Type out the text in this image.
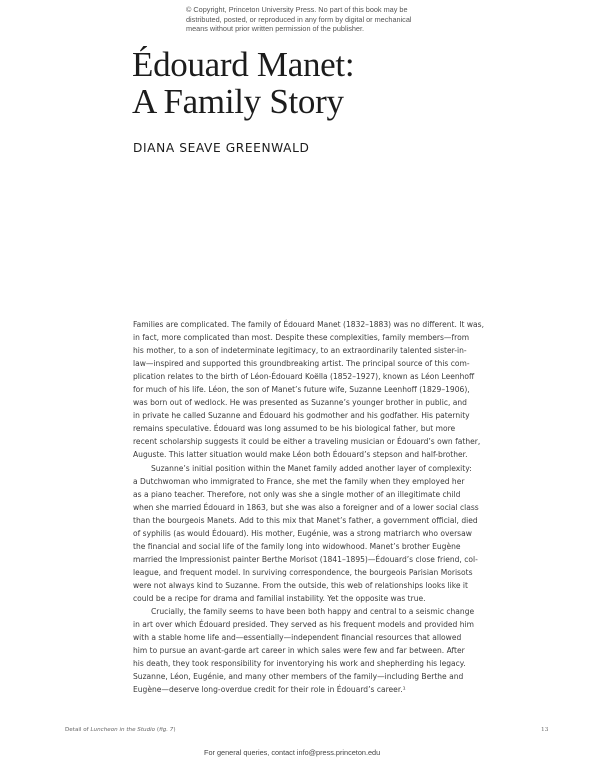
© Copyright, Princeton University Press. No part of this book may be
distributed, posted, or reproduced in any form by digital or mechanical
means without prior written permission of the publisher.
Édouard Manet:
A Family Story
DIANA SEAVE GREENWALD
Families are complicated. The family of Édouard Manet (1832–1883) was no different. It was,
in fact, more complicated than most. Despite these complexities, family members—from
his mother, to a son of indeterminate legitimacy, to an extraordinarily talented sister-in-
law—inspired and supported this groundbreaking artist. The principal source of this com-
plication relates to the birth of Léon-Édouard Koëlla (1852–1927), known as Léon Leenhoff
for much of his life. Léon, the son of Manet’s future wife, Suzanne Leenhoff (1829–1906),
was born out of wedlock. He was presented as Suzanne’s younger brother in public, and
in private he called Suzanne and Édouard his godmother and his godfather. His paternity
remains speculative. Édouard was long assumed to be his biological father, but more
recent scholarship suggests it could be either a traveling musician or Édouard’s own father,
Auguste. This latter situation would make Léon both Édouard’s stepson and half-brother.
Suzanne’s initial position within the Manet family added another layer of complexity:
a Dutchwoman who immigrated to France, she met the family when they employed her
as a piano teacher. Therefore, not only was she a single mother of an illegitimate child
when she married Édouard in 1863, but she was also a foreigner and of a lower social class
than the bourgeois Manets. Add to this mix that Manet’s father, a government official, died
of syphilis (as would Édouard). His mother, Eugénie, was a strong matriarch who oversaw
the financial and social life of the family long into widowhood. Manet’s brother Eugène
married the Impressionist painter Berthe Morisot (1841–1895)—Édouard’s close friend, col-
league, and frequent model. In surviving correspondence, the bourgeois Parisian Morisots
were not always kind to Suzanne. From the outside, this web of relationships looks like it
could be a recipe for drama and familial instability. Yet the opposite was true.
Crucially, the family seems to have been both happy and central to a seismic change
in art over which Édouard presided. They served as his frequent models and provided him
with a stable home life and—essentially—independent financial resources that allowed
him to pursue an avant-garde art career in which sales were few and far between. After
his death, they took responsibility for inventorying his work and shepherding his legacy.
Suzanne, Léon, Eugénie, and many other members of the family—including Berthe and
Eugène—deserve long-overdue credit for their role in Édouard’s career.¹
Detail of Luncheon in the Studio (fig. 7)	13
For general queries, contact info@press.princeton.edu
